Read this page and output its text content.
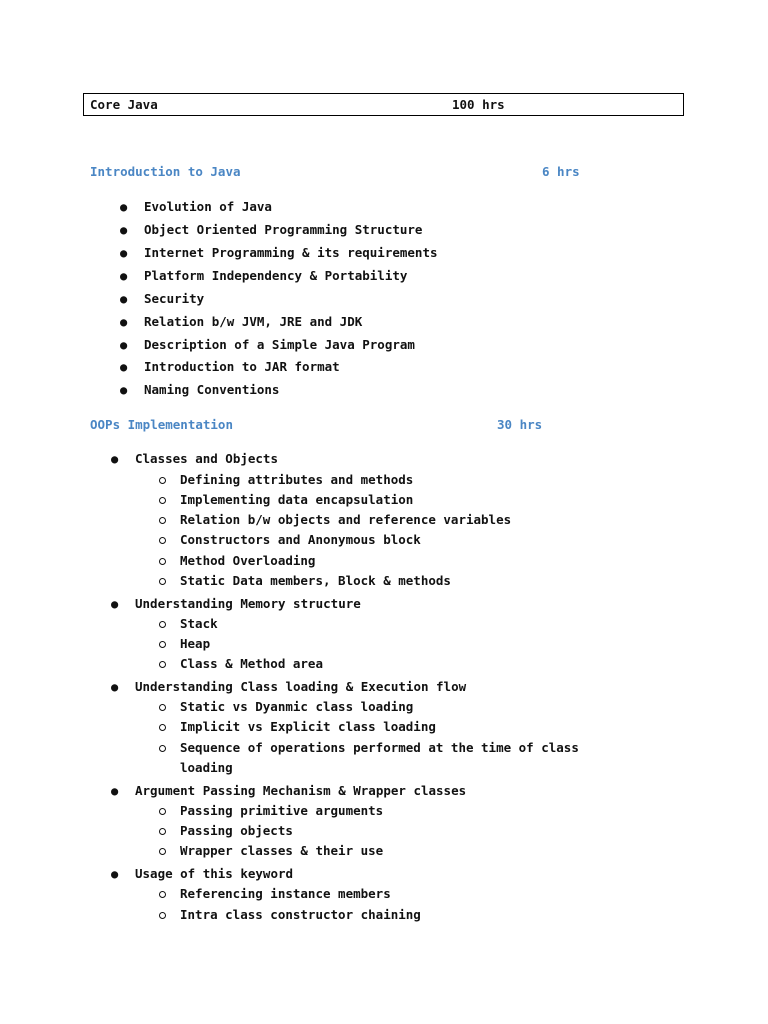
Core Java	100 hrs
Introduction to Java	6 hrs
● Evolution of Java
● Object Oriented Programming Structure
● Internet Programming & its requirements
● Platform Independency & Portability
● Security
● Relation b/w JVM, JRE and JDK
● Description of a Simple Java Program
● Introduction to JAR format
● Naming Conventions
OOPs Implementation	30 hrs
● Classes and Objects
Defining attributes and methods
Implementing data encapsulation
Relation b/w objects and reference variables
Constructors and Anonymous block
Method Overloading
Static Data members, Block & methods
● Understanding Memory structure
Stack
Heap
Class & Method area
● Understanding Class loading & Execution flow
Static vs Dyanmic class loading
Implicit vs Explicit class loading
Sequence of operations performed at the time of class
loading
● Argument Passing Mechanism & Wrapper classes
Passing primitive arguments
Passing objects
Wrapper classes & their use
● Usage of this keyword
Referencing instance members
Intra class constructor chaining
